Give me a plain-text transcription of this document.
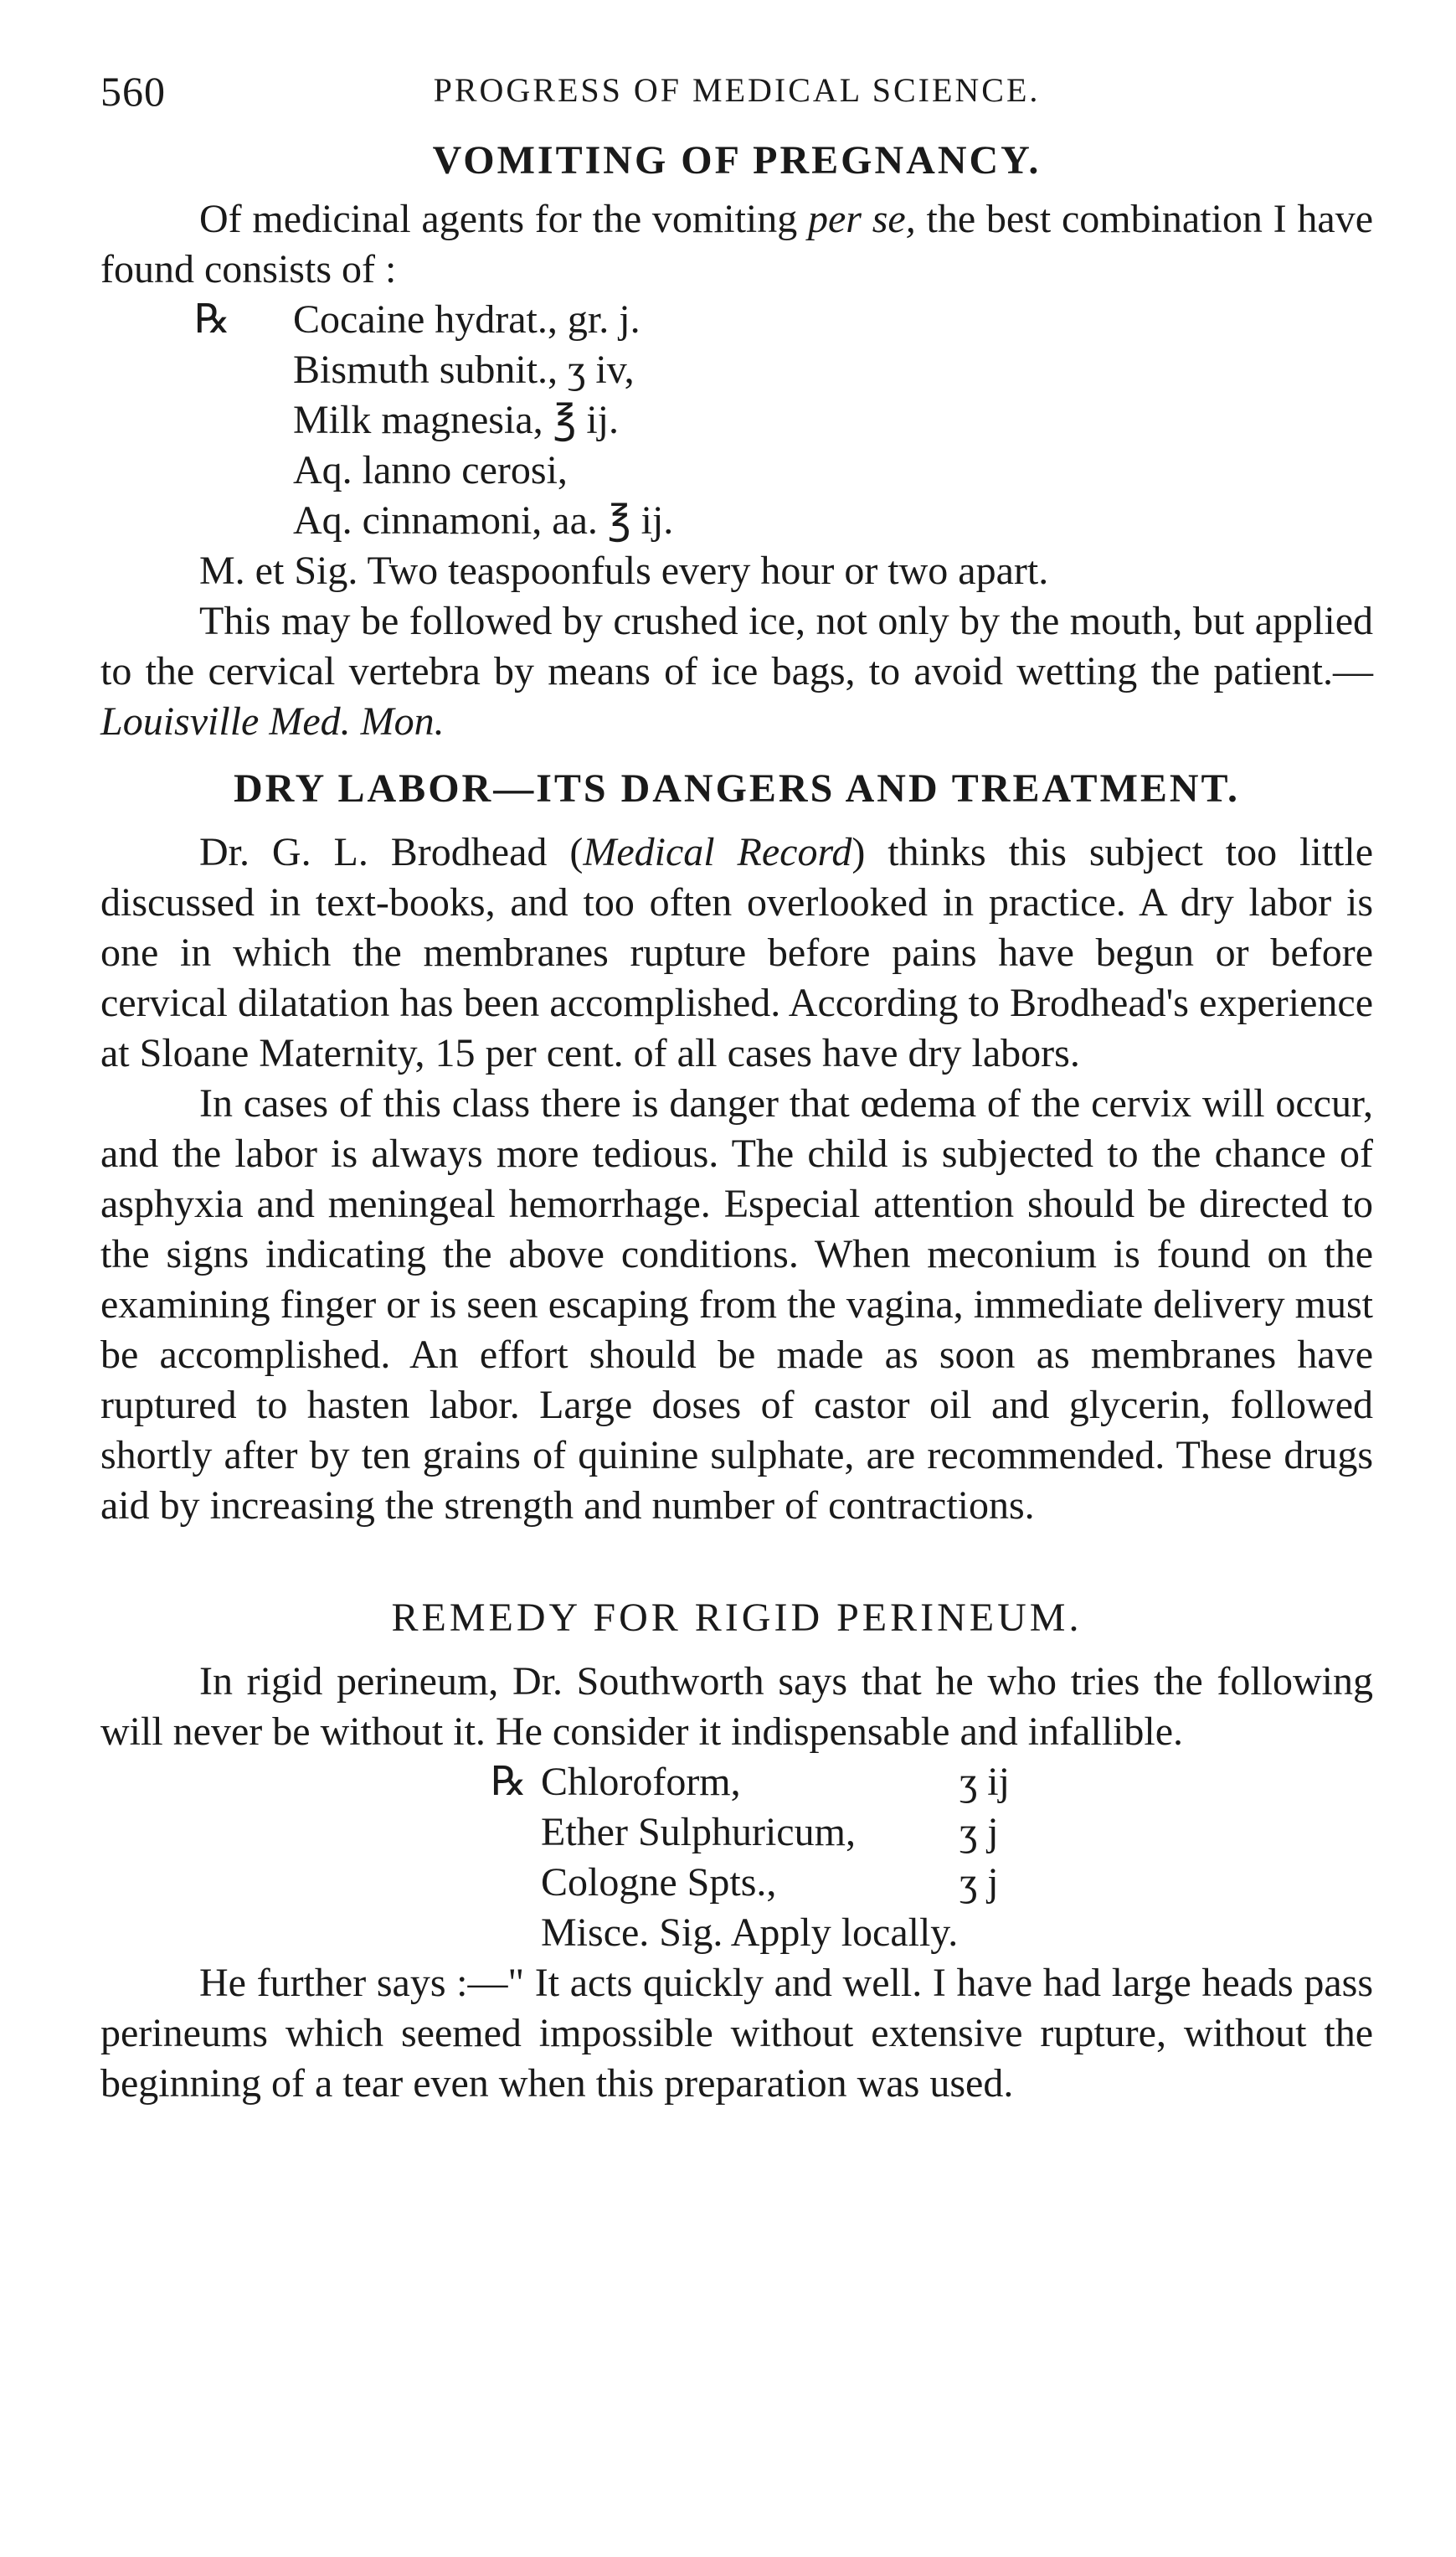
560	PROGRESS OF MEDICAL SCIENCE.
VOMITING OF PREGNANCY.

Of medicinal agents for the vomiting per se, the best combination I have found consists of :

℞ Cocaine hydrat., gr. j.
Bismuth subnit., ʒ iv,
Milk magnesia, ℥ ij.
Aq. lanno cerosi,
Aq. cinnamoni, aa. ℥ ij.

M. et Sig. Two teaspoonfuls every hour or two apart.

This may be followed by crushed ice, not only by the mouth, but applied to the cervical vertebra by means of ice bags, to avoid wetting the patient.—Louisville Med. Mon.

DRY LABOR—ITS DANGERS AND TREATMENT.

Dr. G. L. Brodhead (Medical Record) thinks this subject too little discussed in text-books, and too often overlooked in practice. A dry labor is one in which the membranes rupture before pains have begun or before cervical dilatation has been accomplished. According to Brodhead's experience at Sloane Maternity, 15 per cent. of all cases have dry labors.

In cases of this class there is danger that œdema of the cervix will occur, and the labor is always more tedious. The child is subjected to the chance of asphyxia and meningeal hemorrhage. Especial attention should be directed to the signs indicating the above conditions. When meconium is found on the examining finger or is seen escaping from the vagina, immediate delivery must be accomplished. An effort should be made as soon as membranes have ruptured to hasten labor. Large doses of castor oil and glycerin, followed shortly after by ten grains of quinine sulphate, are recommended. These drugs aid by increasing the strength and number of contractions.

REMEDY FOR RIGID PERINEUM.

In rigid perineum, Dr. Southworth says that he who tries the following will never be without it. He consider it indispensable and infallible.

℞ Chloroform,	ʒ ij
Ether Sulphuricum,	ʒ j
Cologne Spts.,	ʒ j
Misce. Sig. Apply locally.

He further says :—" It acts quickly and well. I have had large heads pass perineums which seemed impossible without extensive rupture, without the beginning of a tear even when this preparation was used.
